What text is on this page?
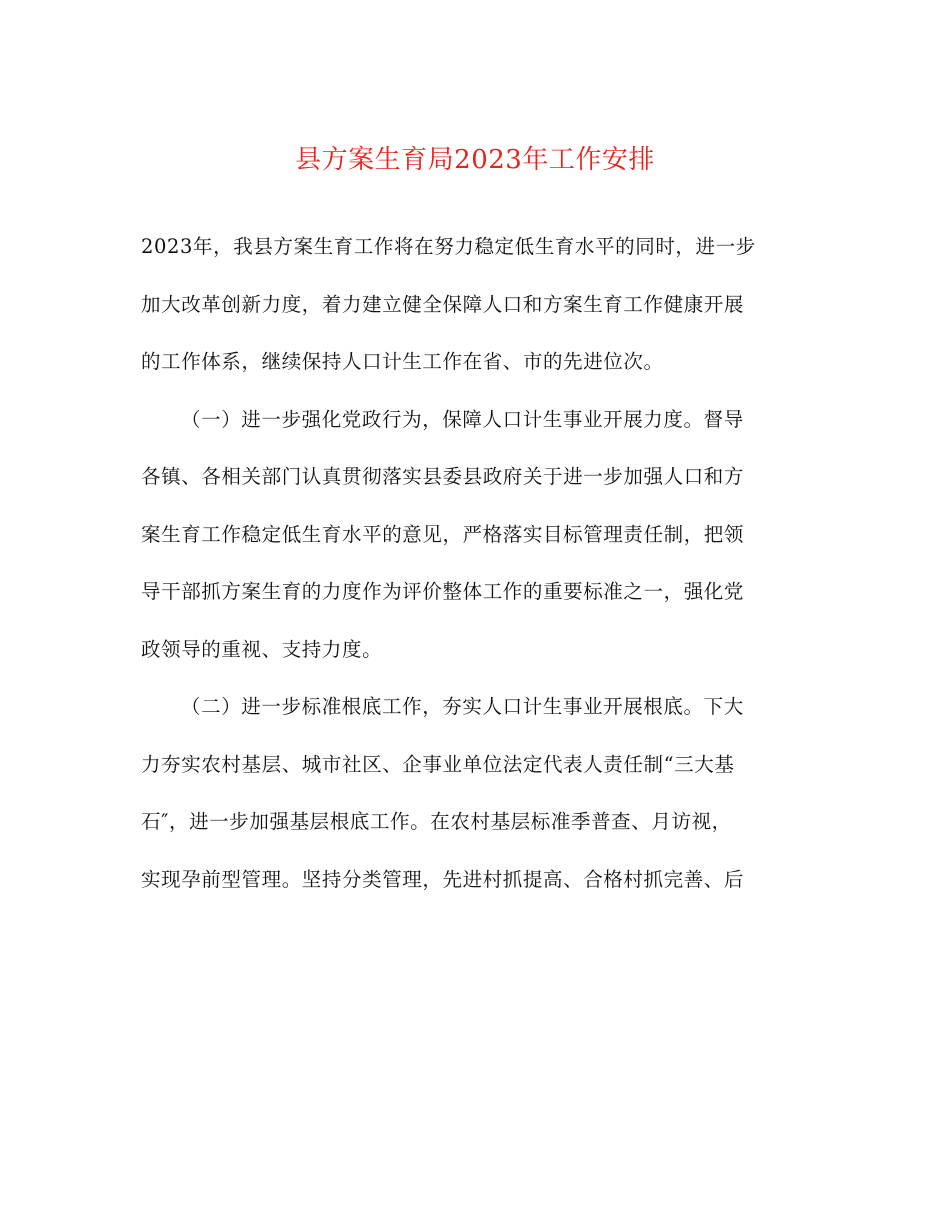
县方案生育局2023年工作安排
2023年，我县方案生育工作将在努力稳定低生育水平的同时，进一步
加大改革创新力度，着力建立健全保障人口和方案生育工作健康开展
的工作体系，继续保持人口计生工作在省、市的先进位次。
（一）进一步强化党政行为，保障人口计生事业开展力度。督导
各镇、各相关部门认真贯彻落实县委县政府关于进一步加强人口和方
案生育工作稳定低生育水平的意见，严格落实目标管理责任制，把领
导干部抓方案生育的力度作为评价整体工作的重要标准之一，强化党
政领导的重视、支持力度。
（二）进一步标准根底工作，夯实人口计生事业开展根底。下大
力夯实农村基层、城市社区、企事业单位法定代表人责任制“三大基
石″，进一步加强基层根底工作。在农村基层标准季普查、月访视，
实现孕前型管理。坚持分类管理，先进村抓提高、合格村抓完善、后
